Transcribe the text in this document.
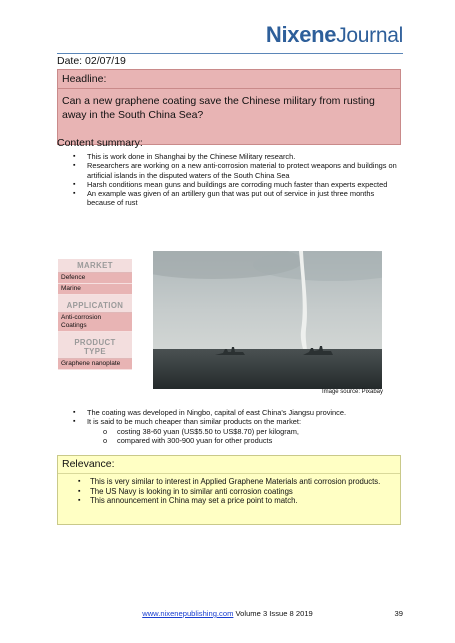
NixeneJournal
Date: 02/07/19
Headline:
Can a new graphene coating save the Chinese military from rusting away in the South China Sea?
Content summary:
▪ This is work done in Shanghai by the Chinese Military research.
▪ Researchers are working on a new anti-corrosion material to protect weapons and buildings on artificial islands in the disputed waters of the South China Sea
▪ Harsh conditions mean guns and buildings are corroding much faster than experts expected
▪ An example was given of an artillery gun that was put out of service in just three months because of rust
MARKET
Defence
Marine
APPLICATION
Anti-corrosion
Coatings
PRODUCT
TYPE
Graphene nanoplate
Image source: Pixabay
▪ The coating was developed in Ningbo, capital of east China's Jiangsu province.
▪ It is said to be much cheaper than similar products on the market:
o costing 38-60 yuan (US$5.50 to US$8.70) per kilogram,
o compared with 300-900 yuan for other products
Relevance:
▪ This is very similar to interest in Applied Graphene Materials anti corrosion products.
▪ The US Navy is looking in to similar anti corrosion coatings
▪ This announcement in China may set a price point to match.
www.nixenepublishing.com Volume 3 Issue 8 2019	39
